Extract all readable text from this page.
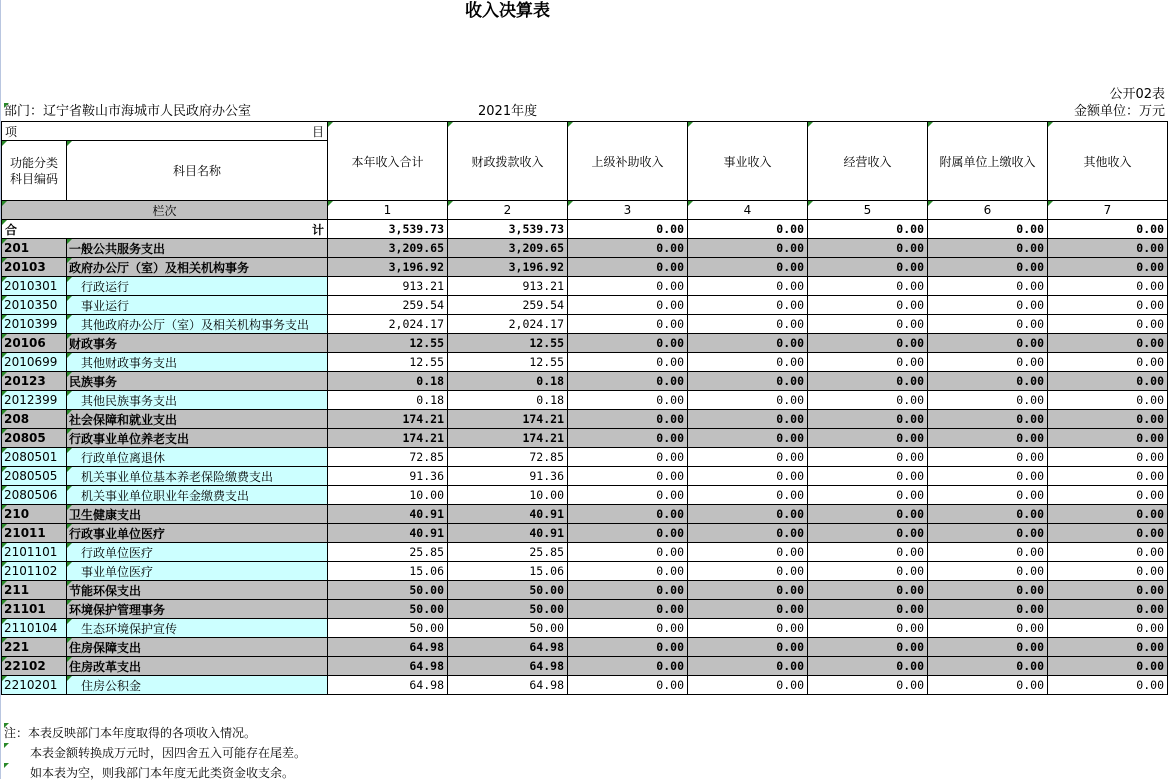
收入决算表
公开02表
部门：辽宁省鞍山市海城市人民政府办公室	2021年度	金额单位：万元
项 目		本年收入合计	财政拨款收入	上级补助收入	事业收入	经营收入	附属单位上缴收入	其他收入
功能分类
科目编码	科目名称							

栏次		1	2	3	4	5	6	7

合 计		3,539.73	3,539.73	0.00	0.00	0.00	0.00	0.00
201	一般公共服务支出	3,209.65	3,209.65	0.00	0.00	0.00	0.00	0.00
20103	政府办公厅（室）及相关机构事务	3,196.92	3,196.92	0.00	0.00	0.00	0.00	0.00
2010301	行政运行	913.21	913.21	0.00	0.00	0.00	0.00	0.00
2010350	事业运行	259.54	259.54	0.00	0.00	0.00	0.00	0.00
2010399	其他政府办公厅（室）及相关机构事务支出	2,024.17	2,024.17	0.00	0.00	0.00	0.00	0.00
20106	财政事务	12.55	12.55	0.00	0.00	0.00	0.00	0.00
2010699	其他财政事务支出	12.55	12.55	0.00	0.00	0.00	0.00	0.00
20123	民族事务	0.18	0.18	0.00	0.00	0.00	0.00	0.00
2012399	其他民族事务支出	0.18	0.18	0.00	0.00	0.00	0.00	0.00
208	社会保障和就业支出	174.21	174.21	0.00	0.00	0.00	0.00	0.00
20805	行政事业单位养老支出	174.21	174.21	0.00	0.00	0.00	0.00	0.00
2080501	行政单位离退休	72.85	72.85	0.00	0.00	0.00	0.00	0.00
2080505	机关事业单位基本养老保险缴费支出	91.36	91.36	0.00	0.00	0.00	0.00	0.00
2080506	机关事业单位职业年金缴费支出	10.00	10.00	0.00	0.00	0.00	0.00	0.00
210	卫生健康支出	40.91	40.91	0.00	0.00	0.00	0.00	0.00
21011	行政事业单位医疗	40.91	40.91	0.00	0.00	0.00	0.00	0.00
2101101	行政单位医疗	25.85	25.85	0.00	0.00	0.00	0.00	0.00
2101102	事业单位医疗	15.06	15.06	0.00	0.00	0.00	0.00	0.00
211	节能环保支出	50.00	50.00	0.00	0.00	0.00	0.00	0.00
21101	环境保护管理事务	50.00	50.00	0.00	0.00	0.00	0.00	0.00
2110104	生态环境保护宣传	50.00	50.00	0.00	0.00	0.00	0.00	0.00
221	住房保障支出	64.98	64.98	0.00	0.00	0.00	0.00	0.00
22102	住房改革支出	64.98	64.98	0.00	0.00	0.00	0.00	0.00
2210201	住房公积金	64.98	64.98	0.00	0.00	0.00	0.00	0.00
注：本表反映部门本年度取得的各项收入情况。
本表金额转换成万元时，因四舍五入可能存在尾差。
如本表为空，则我部门本年度无此类资金收支余。
